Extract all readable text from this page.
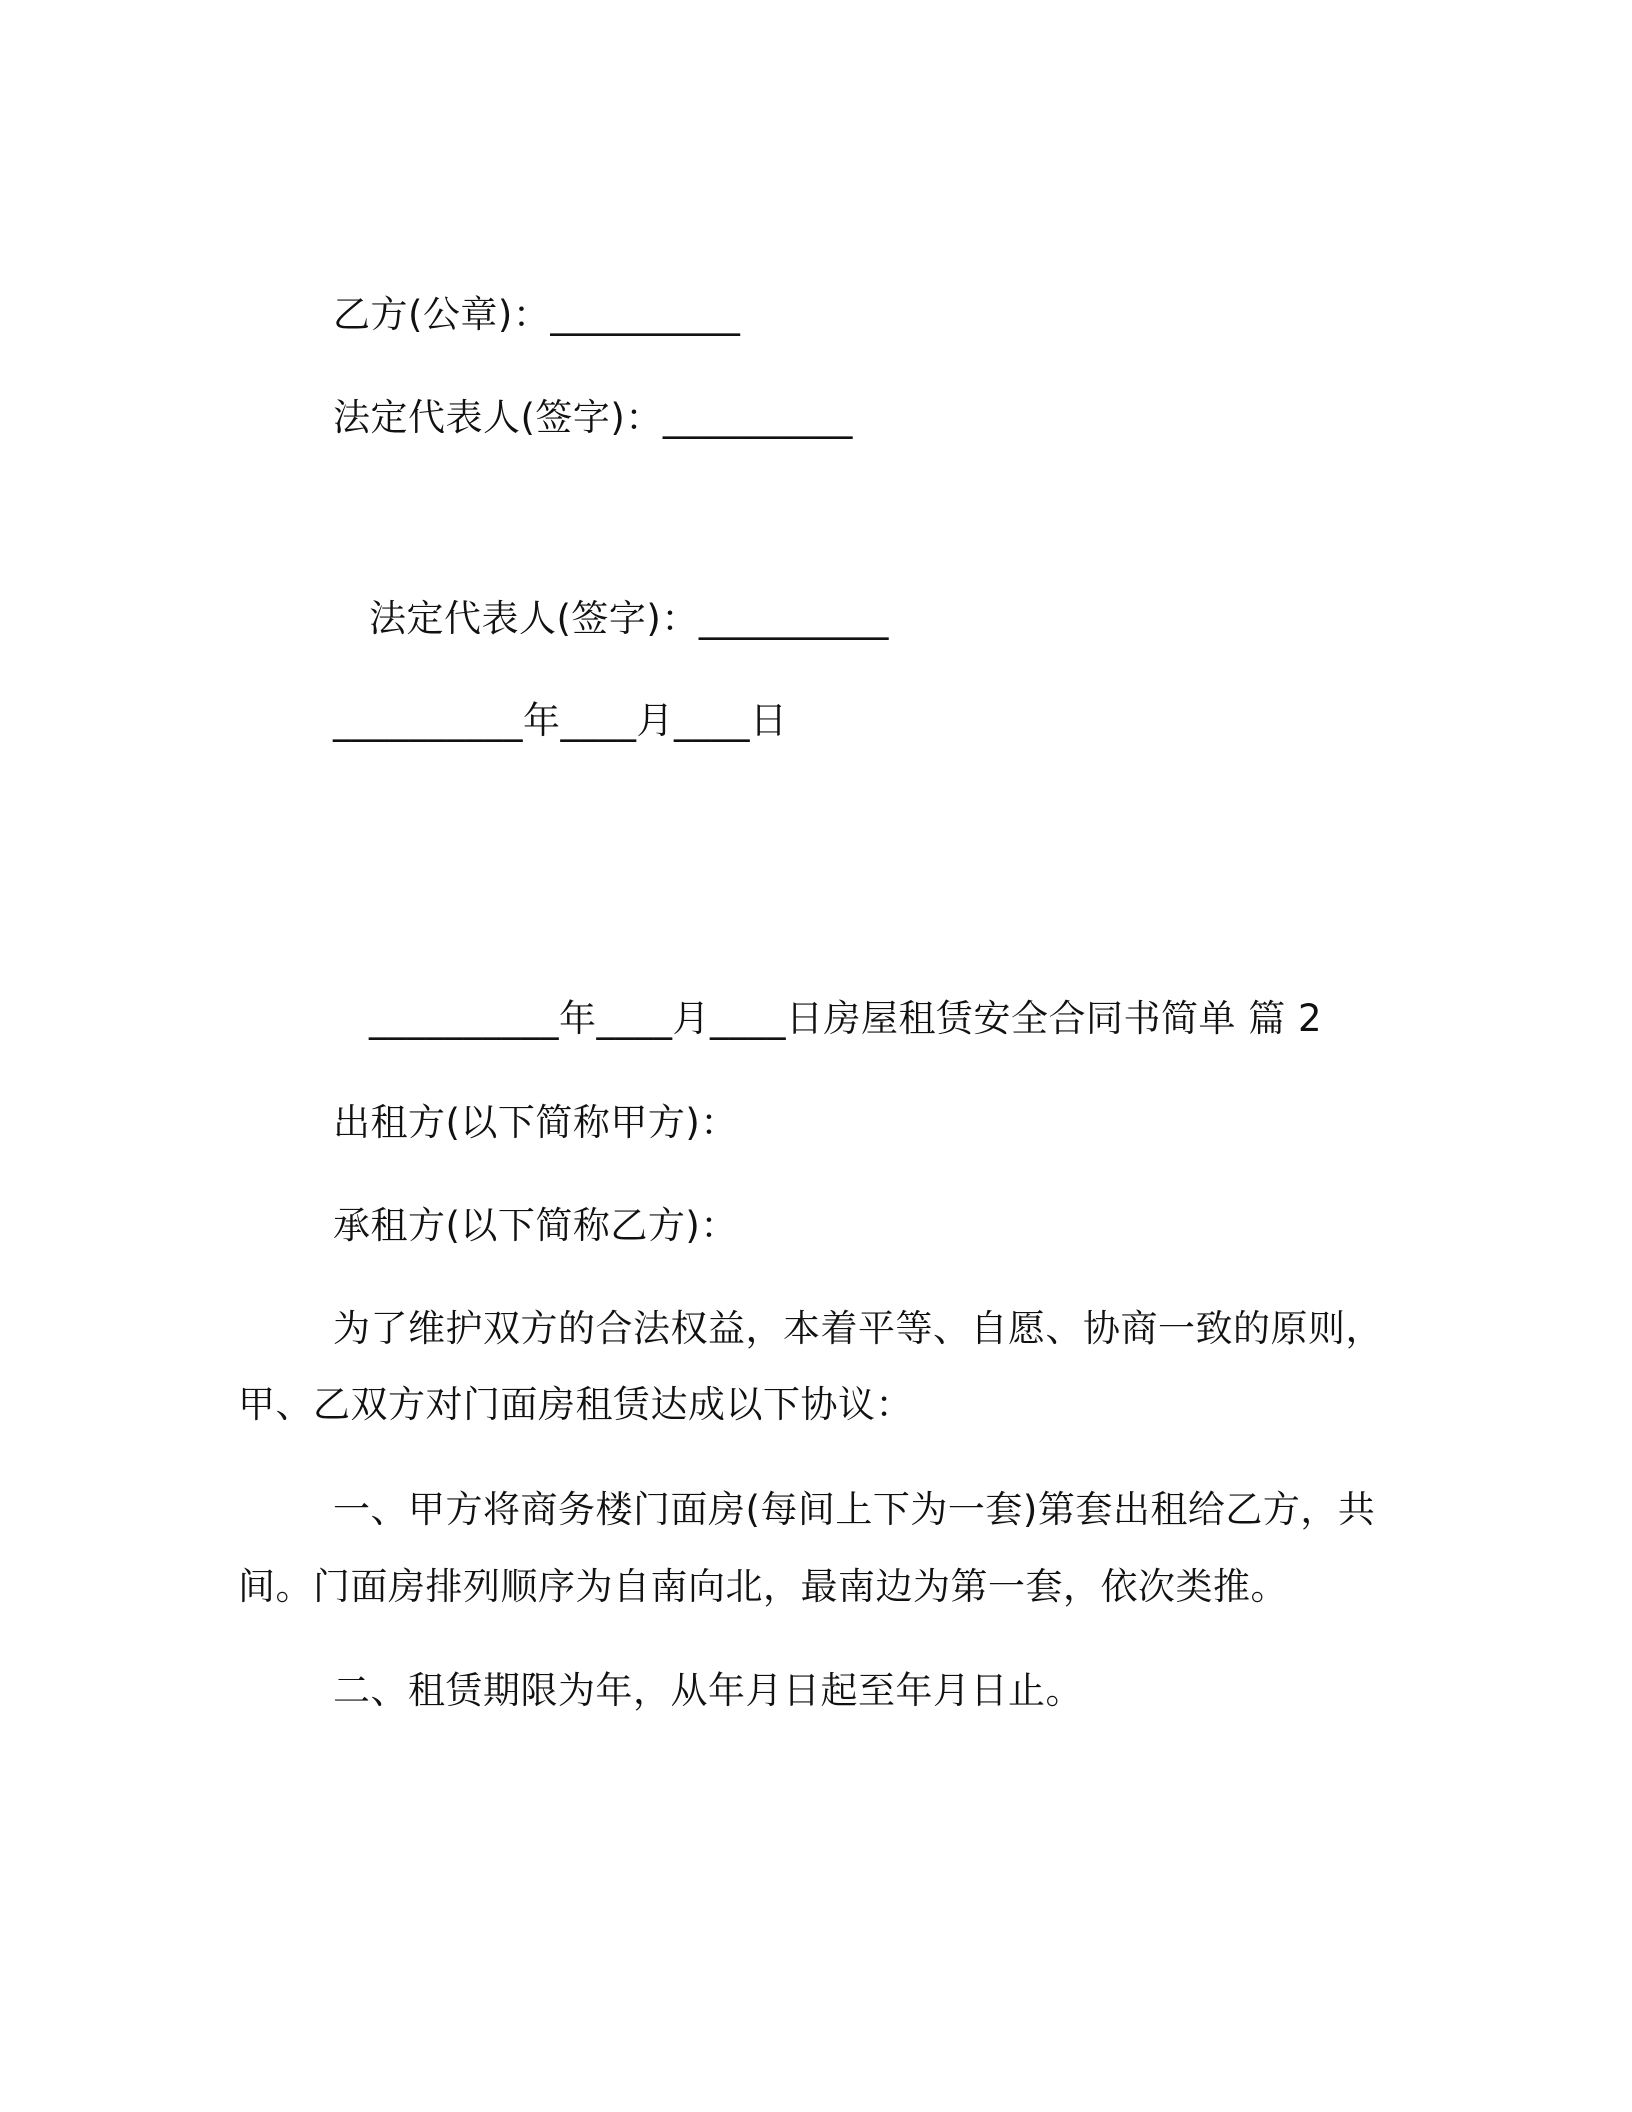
乙方(公章)：__________
法定代表人(签字)：__________
法定代表人(签字)：__________
__________年____月____日
__________年____月____日房屋租赁安全合同书简单 篇 2
出租方(以下简称甲方)：
承租方(以下简称乙方)：
为了维护双方的合法权益，本着平等、自愿、协商一致的原则，
甲、乙双方对门面房租赁达成以下协议：
一、甲方将商务楼门面房(每间上下为一套)第套出租给乙方，共
间。门面房排列顺序为自南向北，最南边为第一套，依次类推。
二、租赁期限为年，从年月日起至年月日止。
